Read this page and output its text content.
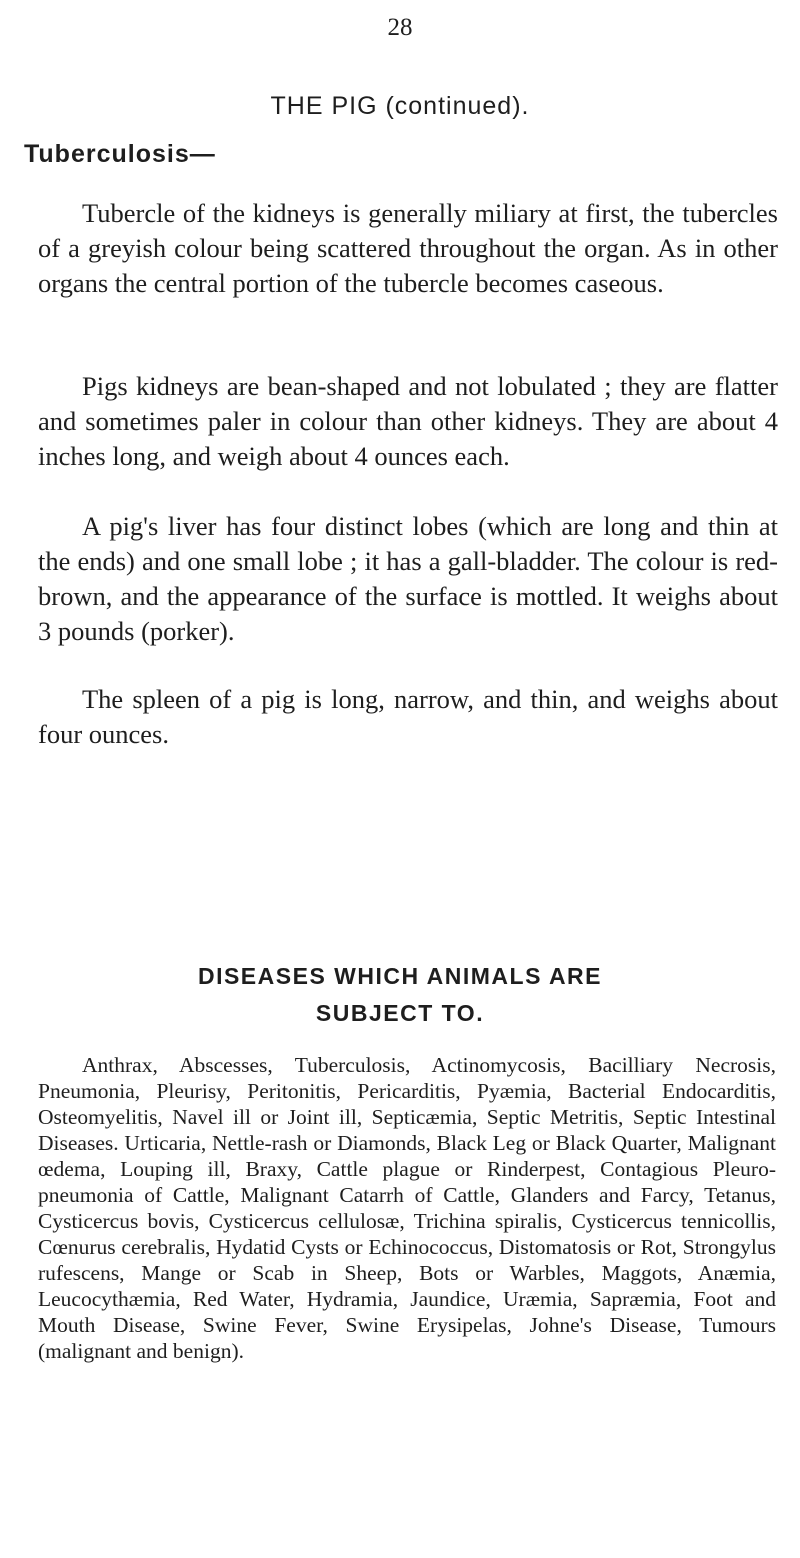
28
THE PIG (continued).
Tuberculosis—

Tubercle of the kidneys is generally miliary at first, the tubercles of a greyish colour being scattered throughout the organ. As in other organs the central portion of the tubercle becomes caseous.

Pigs kidneys are bean-shaped and not lobulated ; they are flatter and sometimes paler in colour than other kidneys. They are about 4 inches long, and weigh about 4 ounces each.

A pig's liver has four distinct lobes (which are long and thin at the ends) and one small lobe ; it has a gall-bladder. The colour is red-brown, and the appearance of the surface is mottled. It weighs about 3 pounds (porker).

The spleen of a pig is long, narrow, and thin, and weighs about four ounces.

DISEASES WHICH ANIMALS ARE
SUBJECT TO.

Anthrax, Abscesses, Tuberculosis, Actinomycosis, Bacilliary Necrosis, Pneumonia, Pleurisy, Peritonitis, Pericarditis, Pyæmia, Bacterial Endocarditis, Osteomyelitis, Navel ill or Joint ill, Septicæmia, Septic Metritis, Septic Intestinal Diseases. Urticaria, Nettle-rash or Diamonds, Black Leg or Black Quarter, Malignant œdema, Louping ill, Braxy, Cattle plague or Rinderpest, Contagious Pleuro-pneumonia of Cattle, Malignant Catarrh of Cattle, Glanders and Farcy, Tetanus, Cysticercus bovis, Cysticercus cellulosæ, Trichina spiralis, Cysticercus tennicollis, Cœnurus cerebralis, Hydatid Cysts or Echinococcus, Distomatosis or Rot, Strongylus rufescens, Mange or Scab in Sheep, Bots or Warbles, Maggots, Anæmia, Leucocythæmia, Red Water, Hydramia, Jaundice, Uræmia, Sapræmia, Foot and Mouth Disease, Swine Fever, Swine Erysipelas, Johne's Disease, Tumours (malignant and benign).
